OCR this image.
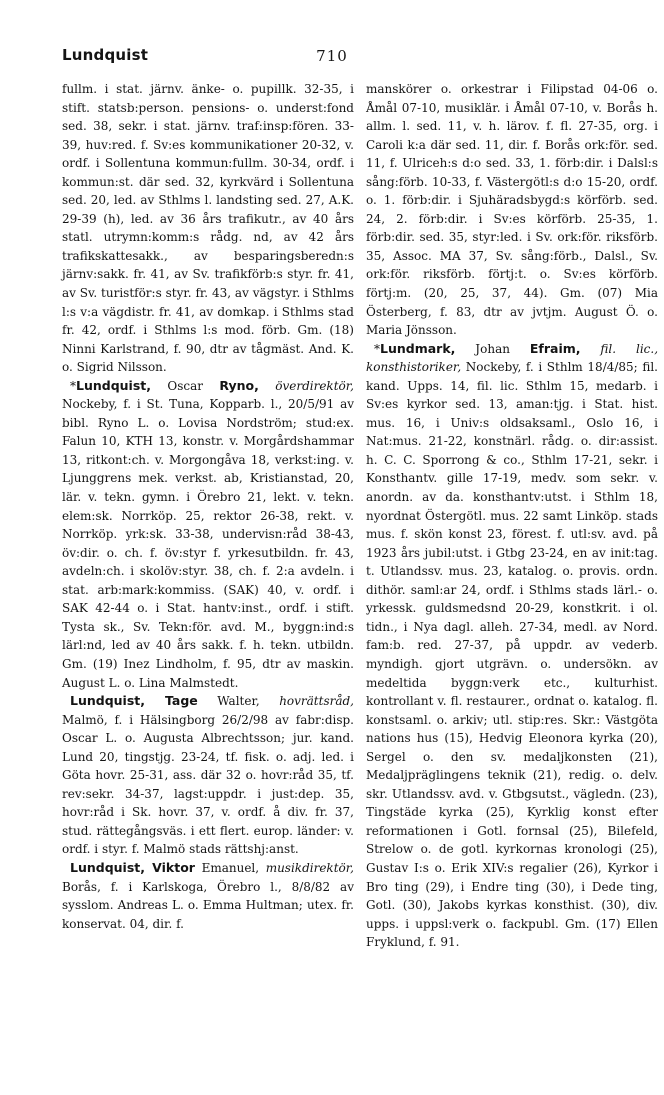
Lundquist	710

fullm. i stat. järnv. änke- o. pupillk. 32-35, i stift. statsb:person. pensions- o. underst:fond sed. 38, sekr. i stat. järnv. traf:insp:fören. 33-39, huv:red. f. Sv:es kommunikationer 20-32, v. ordf. i Sollentuna kommun:fullm. 30-34, ordf. i kommun:st. där sed. 32, kyrkvärd i Sollentuna sed. 20, led. av Sthlms l. landsting sed. 27, A.K. 29-39 (h), led. av 36 års trafikutr., av 40 års statl. utrymn:komm:s rådg. nd, av 42 års trafikskattesakk., av besparingsberedn:s järnv:sakk. fr. 41, av Sv. trafikförb:s styr. fr. 41, av Sv. turistför:s styr. fr. 43, av vägstyr. i Sthlms l:s v:a vägdistr. fr. 41, av domkap. i Sthlms stad fr. 42, ordf. i Sthlms l:s mod. förb. Gm. (18) Ninni Karlstrand, f. 90, dtr av tågmäst. And. K. o. Sigrid Nilsson.

*Lundquist, Oscar Ryno, överdirektör, Nockeby, f. i St. Tuna, Kopparb. l., 20/5/91 av bibl. Ryno L. o. Lovisa Nordström; stud:ex. Falun 10, KTH 13, konstr. v. Morgårdshammar 13, ritkont:ch. v. Morgongåva 18, verkst:ing. v. Ljunggrens mek. verkst. ab, Kristianstad, 20, lär. v. tekn. gymn. i Örebro 21, lekt. v. tekn. elem:sk. Norrköp. 25, rektor 26-38, rekt. v. Norrköp. yrk:sk. 33-38, undervisn:råd 38-43, öv:dir. o. ch. f. öv:styr f. yrkesutbildn. fr. 43, avdeln:ch. i skolöv:styr. 38, ch. f. 2:a avdeln. i stat. arb:mark:kommiss. (SAK) 40, v. ordf. i SAK 42-44 o. i Stat. hantv:inst., ordf. i stift. Tysta sk., Sv. Tekn:för. avd. M., byggn:ind:s lärl:nd, led av 40 års sakk. f. h. tekn. utbildn. Gm. (19) Inez Lindholm, f. 95, dtr av maskin. August L. o. Lina Malmstedt.

Lundquist, Tage Walter, hovrättsråd, Malmö, f. i Hälsingborg 26/2/98 av fabr:disp. Oscar L. o. Augusta Albrechtsson; jur. kand. Lund 20, tingstjg. 23-24, tf. fisk. o. adj. led. i Göta hovr. 25-31, ass. där 32 o. hovr:råd 35, tf. rev:sekr. 34-37, lagst:uppdr. i just:dep. 35, hovr:råd i Sk. hovr. 37, v. ordf. å div. fr. 37, stud. rättegångsväs. i ett flert. europ. länder: v. ordf. i styr. f. Malmö stads rättshj:anst.

Lundquist, Viktor Emanuel, musikdirektör, Borås, f. i Karlskoga, Örebro l., 8/8/82 av sysslom. Andreas L. o. Emma Hultman; utex. fr. konservat. 04, dir. f.

manskörer o. orkestrar i Filipstad 04-06 o. Åmål 07-10, musiklär. i Åmål 07-10, v. Borås h. allm. l. sed. 11, v. h. lärov. f. fl. 27-35, org. i Caroli k:a där sed. 11, dir. f. Borås ork:för. sed. 11, f. Ulriceh:s d:o sed. 33, 1. förb:dir. i Dalsl:s sång:förb. 10-33, f. Västergötl:s d:o 15-20, ordf. o. 1. förb:dir. i Sjuhäradsbygd:s körförb. sed. 24, 2. förb:dir. i Sv:es körförb. 25-35, 1. förb:dir. sed. 35, styr:led. i Sv. ork:för. riksförb. 35, Assoc. MA 37, Sv. sång:förb., Dalsl., Sv. ork:för. riksförb. förtj:t. o. Sv:es körförb. förtj:m. (20, 25, 37, 44). Gm. (07) Mia Österberg, f. 83, dtr av jvtjm. August Ö. o. Maria Jönsson.

*Lundmark, Johan Efraim, fil. lic., konsthistoriker, Nockeby, f. i Sthlm 18/4/85; fil. kand. Upps. 14, fil. lic. Sthlm 15, medarb. i Sv:es kyrkor sed. 13, aman:tjg. i Stat. hist. mus. 16, i Univ:s oldsaksaml., Oslo 16, i Nat:mus. 21-22, konstnärl. rådg. o. dir:assist. h. C. C. Sporrong & co., Sthlm 17-21, sekr. i Konsthantv. gille 17-19, medv. som sekr. v. anordn. av da. konsthantv:utst. i Sthlm 18, nyordnat Östergötl. mus. 22 samt Linköp. stads mus. f. skön konst 23, förest. f. utl:sv. avd. på 1923 års jubil:utst. i Gtbg 23-24, en av init:tag. t. Utlandssv. mus. 23, katalog. o. provis. ordn. dithör. saml:ar 24, ordf. i Sthlms stads lärl.- o. yrkessk. guldsmedsnd 20-29, konstkrit. i ol. tidn., i Nya dagl. alleh. 27-34, medl. av Nord. fam:b. red. 27-37, på uppdr. av vederb. myndigh. gjort utgrävn. o. undersökn. av medeltida byggn:verk etc., kulturhist. kontrollant v. fl. restaurer., ordnat o. katalog. fl. konstsaml. o. arkiv; utl. stip:res. Skr.: Västgöta nations hus (15), Hedvig Eleonora kyrka (20), Sergel o. den sv. medaljkonsten (21), Medaljpräglingens teknik (21), redig. o. delv. skr. Utlandssv. avd. v. Gtbgsutst., vägledn. (23), Tingstäde kyrka (25), Kyrklig konst efter reformationen i Gotl. fornsal (25), Bilefeld, Strelow o. de gotl. kyrkornas kronologi (25), Gustav I:s o. Erik XIV:s regalier (26), Kyrkor i Bro ting (29), i Endre ting (30), i Dede ting, Gotl. (30), Jakobs kyrkas konsthist. (30), div. upps. i uppsl:verk o. fackpubl. Gm. (17) Ellen Fryklund, f. 91.
